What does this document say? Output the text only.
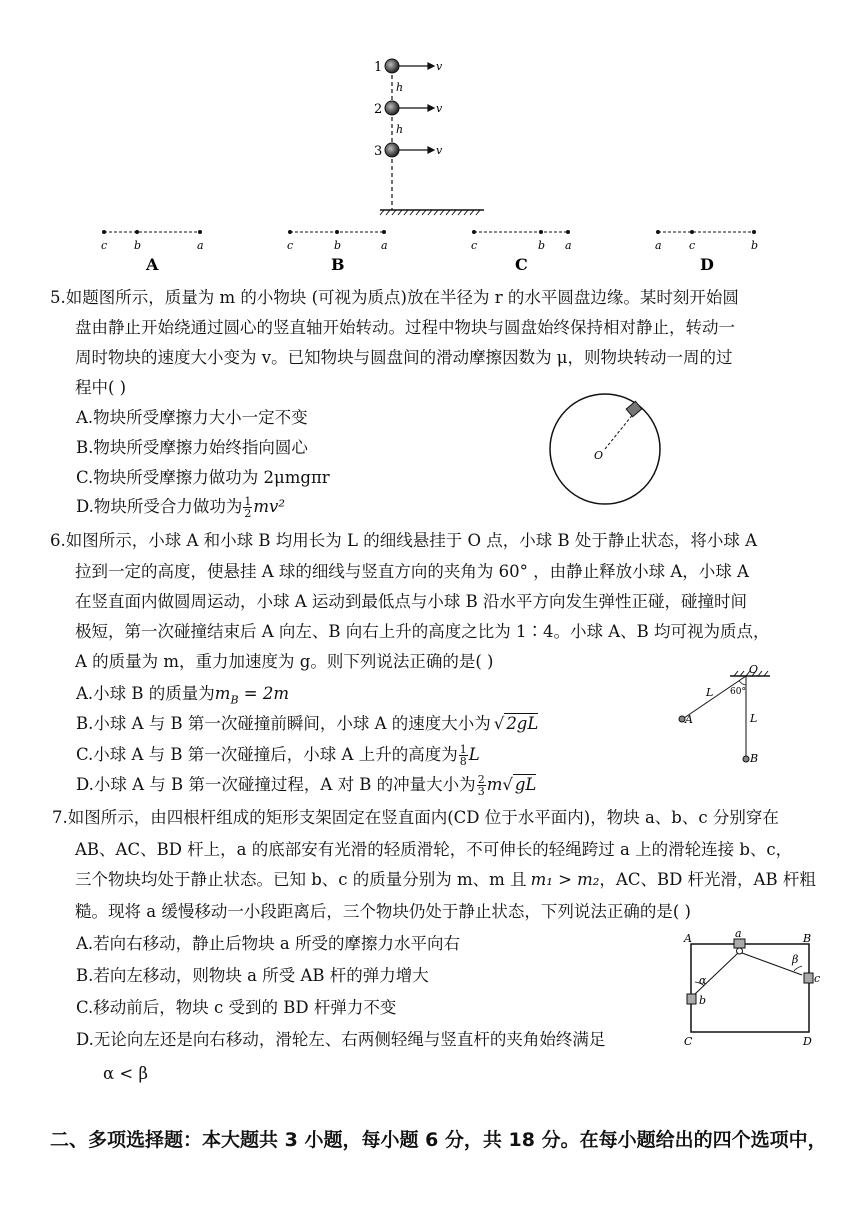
1
2
3
h
h
v
v
v
c b	a	c	b	a	c	b a	a c	b
A	B	C	D
5.如题图所示，质量为 m 的小物块 (可视为质点)放在半径为 r 的水平圆盘边缘。某时刻开始圆
盘由静止开始绕通过圆心的竖直轴开始转动。过程中物块与圆盘始终保持相对静止，转动一
周时物块的速度大小变为 v。已知物块与圆盘间的滑动摩擦因数为 μ，则物块转动一周的过
程中( )
A.物块所受摩擦力大小一定不变
B.物块所受摩擦力始终指向圆心
C.物块所受摩擦力做功为 2μmgπr
D.物块所受合力做功为 $\frac{1}{2} mv^2$
O
6.如图所示，小球 A 和小球 B 均用长为 L 的细线悬挂于 O 点，小球 B 处于静止状态，将小球 A
拉到一定的高度，使悬挂 A 球的细线与竖直方向的夹角为 60° ，由静止释放小球 A，小球 A
在竖直面内做圆周运动，小球 A 运动到最低点与小球 B 沿水平方向发生弹性正碰，碰撞时间
极短，第一次碰撞结束后 A 向左、B 向右上升的高度之比为 1∶4。小球 A、B 均可视为质点，
A 的质量为 m，重力加速度为 g。则下列说法正确的是( )
A.小球 B 的质量为$m_B = 2m$
B.小球 A 与 B 第一次碰撞前瞬间，小球 A 的速度大小为 √ 2gL
C.小球 A 与 B 第一次碰撞后，小球 A 上升的高度为 $\frac{1}{8}$ L
D.小球 A 与 B 第一次碰撞过程，A 对 B 的冲量大小为 $\frac{2}{3} m√$ gL
O
60°
L
L
A
B
7.如图所示，由四根杆组成的矩形支架固定在竖直面内(CD 位于水平面内)，物块 a、b、c 分别穿在
AB、AC、BD 杆上，a 的底部安有光滑的轻质滑轮，不可伸长的轻绳跨过 a 上的滑轮连接 b、c，
三个物块均处于静止状态。已知 b、c 的质量分别为 m、m 且 m₁ > m₂，AC、BD 杆光滑，AB 杆粗
糙。现将 a 缓慢移动一小段距离后，三个物块仍处于静止状态，下列说法正确的是( )
A.若向右移动，静止后物块 a 所受的摩擦力水平向右
B.若向左移动，则物块 a 所受 AB 杆的弹力增大
C.移动前后，物块 c 受到的 BD 杆弹力不变
D.无论向左还是向右移动，滑轮左、右两侧轻绳与竖直杆的夹角始终满足
α < β
A	B
C	D
a
b
c
α
β
二、多项选择题：本大题共 3 小题，每小题 6 分，共 18 分。在每小题给出的四个选项中，
